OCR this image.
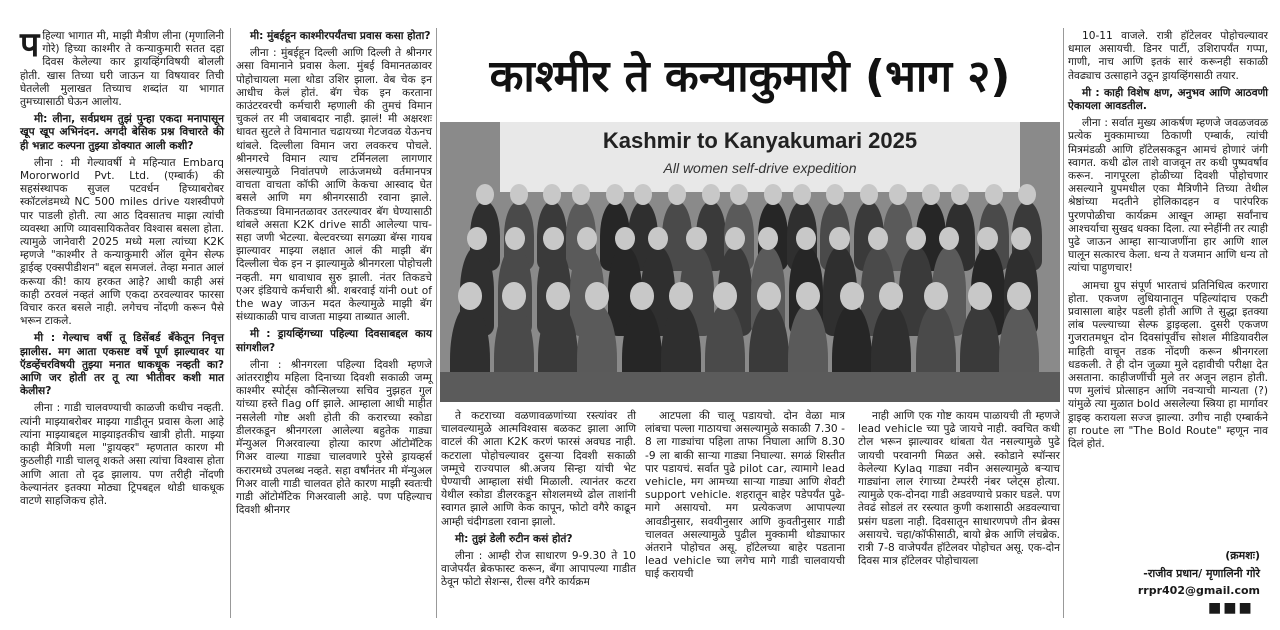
काश्मीर ते कन्याकुमारी (भाग २)
Kashmir to Kanyakumari 2025
All women self-drive expedition
प हिल्या भागात मी, माझी मैत्रीण लीना (मृणालिनी गोरे) हिच्या काश्मीर ते कन्याकुमारी सतत दहा दिवस केलेल्या कार ड्रायव्हिंगविषयी बोलली होती. खास तिच्या घरी जाऊन या विषयावर तिची घेतलेली मुलाखत तिच्याच शब्दांत या भागात तुमच्यासाठी घेऊन आलोय.

मी: लीना, सर्वप्रथम तुझं पुन्हा एकदा मनापासून खूप खूप अभिनंदन. अगदी बेसिक प्रश्न विचारते की ही भन्नाट कल्पना तुझ्या डोक्यात आली कशी?

लीना : मी गेल्यावर्षी मे महिन्यात Embarq Mororworld Pvt. Ltd. (एम्बार्क) की सहसंस्थापक सुजल पटवर्धन हिच्याबरोबर स्कॉटलंडमध्ये NC 500 miles drive यशस्वीपणे पार पाडली होती. त्या आठ दिवसातच माझा त्यांची व्यवस्था आणि व्यावसायिकतेवर विश्वास बसला होता. त्यामुळे जानेवारी 2025 मध्ये मला त्यांच्या K2K म्हणजे "काश्मीर ते कन्याकुमारी ऑल वूमेन सेल्फ ड्राईव्ह एक्सपीडीशन" बद्दल समजलं. तेव्हा मनात आलं करूया की! काय हरकत आहे? आधी काही असं काही ठरवलं नव्हतं आणि एकदा ठरवल्यावर फारसा विचार करत बसले नाही. लगेचच नोंदणी करून पैसे भरून टाकले.

मी : गेल्याच वर्षी तू डिसेंबर्ड बँकेतून निवृत्त झालीस. मग आता एकसष्ट वर्षे पूर्ण झाल्यावर या ऍडव्हेंचरविषयी तुझ्या मनात धाकधूक नव्हती का? आणि जर होती तर तू त्या भीतीवर कशी मात केलीस?

लीना : गाडी चालवण्याची काळजी कधीच नव्हती. त्यांनी माझ्याबरोबर माझ्या गाडीतून प्रवास केला आहे त्यांना माझ्याबद्दल माझ्याइतकीच खात्री होती. माझ्या काही मैत्रिणी मला "ड्रायव्हर" म्हणतात कारण मी कुठलीही गाडी चालवू शकते असा त्यांचा विश्वास होता आणि आता तो दृढ झालाय. पण तरीही नोंदणी केल्यानंतर इतक्या मोठ्या ट्रिपबद्दल थोडी धाकधूक वाटणे साहजिकच होते.

मी: मुंबईहून काश्मीरपर्यंतचा प्रवास कसा होता?

लीना : मुंबईहून दिल्ली आणि दिल्ली ते श्रीनगर असा विमानाने प्रवास केला. मुंबई विमानतळावर पोहोचायला मला थोडा उशिर झाला. वेब चेक इन आधीच केलं होतं. बॅग चेक इन करताना काउंटरवरची कर्मचारी म्हणाली की तुमचं विमान चुकलं तर मी जबाबदार नाही. झालं! मी अक्षरशः धावत सुटले ते विमानात चढायच्या गेटजवळ येऊनच थांबले. दिल्लीला विमान जरा लवकरच पोचले. श्रीनगरचे विमान त्याच टर्मिनलला लागणार असल्यामुळे निवांतपणे लाऊंजमध्ये वर्तमानपत्र वाचता वाचता कॉफी आणि केकचा आस्वाद घेत बसले आणि मग श्रीनगरसाठी रवाना झाले. तिकडच्या विमानतळावर उतरल्यावर बॅग घेण्यासाठी थांबले असता K2K drive साठी आलेल्या पाच-सहा जणी भेटल्या. बेल्टवरच्या सगळ्या बॅग्स गायब झाल्यावर माझ्या लक्षात आलं की माझी बॅग दिल्लीला चेक इन न झाल्यामुळे श्रीनगरला पोहोचली नव्हती. मग धावाधाव सुरु झाली. नंतर तिकडचे एअर इंडियाचे कर्मचारी श्री. शबरवाई यांनी out of the way जाऊन मदत केल्यामुळे माझी बॅग संध्याकाळी पाच वाजता माझ्या ताब्यात आली.

मी : ड्रायव्हिंगच्या पहिल्या दिवसाबद्दल काय सांगशील?

लीना : श्रीनगरला पहिल्या दिवशी म्हणजे आंतरराष्ट्रीय महिला दिनाच्या दिवशी सकाळी जम्मू काश्मीर स्पोर्ट्स कौन्सिलच्या सचिव नुझहत गुल यांच्या हस्ते flag off झाले. आम्हाला आधी माहीत नसलेली गोष्ट अशी होती की करारच्या स्कोडा डीलरकडून श्रीनगरला आलेल्या बहुतेक गाड्या मॅन्युअल गिअरवाल्या होत्या कारण ऑटोमॅटिक गिअर वाल्या गाड्या चालवणारे पुरेसे ड्रायव्हर्स करारमध्ये उपलब्ध नव्हते. सहा वर्षांनंतर मी मॅन्युअल गिअर वाली गाडी चालवत होते कारण माझी स्वतःची गाडी ऑटोमॅटिक गिअरवाली आहे. पण पहिल्याच दिवशी श्रीनगर

ते कटराच्या वळणावळणांच्या रस्त्यांवर ती चालवल्यामुळे आत्मविश्वास बळकट झाला आणि वाटलं की आता K2K करणं फारसं अवघड नाही. कटराला पोहोचल्यावर दुसऱ्या दिवशी सकाळी जम्मूचे राज्यपाल श्री.अजय सिन्हा यांची भेट घेण्याची आम्हाला संधी मिळाली. त्यानंतर कटरा येथील स्कोडा डीलरकडून सोशलमध्ये ढोल ताशांनी स्वागत झाले आणि केक कापून, फोटो वगैरे काढून आम्ही चंदीगडला रवाना झालो.

मी: तुझं डेली रुटीन कसं होतं?

लीना : आम्ही रोज साधारण 9-9.30 ते 10 वाजेपर्यंत ब्रेकफास्ट करून, बँगा आपापल्या गाडीत ठेवून फोटो सेशन्स, रील्स वगैरे कार्यक्रम

आटपला की चालू पडायचो. दोन वेळा मात्र लांबचा पल्ला गाठायचा असल्यामुळे सकाळी 7.30 - 8 ला गाड्यांचा पहिला ताफा निघाला आणि 8.30 -9 ला बाकी साऱ्या गाड्या निघाल्या. सगळं शिस्तीत पार पडायचं. सर्वात पुढे pilot car, त्यामागे lead vehicle, मग आमच्या साऱ्या गाड्या आणि शेवटी support vehicle. शहरातून बाहेर पडेपर्यंत पुढे-मागे असायचो. मग प्रत्येकजण आपापल्या आवडीनुसार, सवयीनुसार आणि कुवतीनुसार गाडी चालवत असल्यामुळे पुढील मुक्कामी थोड्याफार अंतराने पोहोचत असू. हॉटेलच्या बाहेर पडताना lead vehicle च्या लगेच मागे गाडी चालवायची घाई करायची

नाही आणि एक गोष्ट कायम पाळायची ती म्हणजे lead vehicle च्या पुढे जायचे नाही. क्वचित कधी टोल भरून झाल्यावर थांबता येत नसल्यामुळे पुढे जायची परवानगी मिळत असे. स्कोडाने स्पॉन्सर केलेल्या Kylaq गाड्या नवीन असल्यामुळे बऱ्याच गाड्यांना लाल रंगाच्या टेम्परंरी नंबर प्लेट्स होत्या. त्यामुळे एक-दोनदा गाडी अडवण्याचे प्रकार घडले. पण तेवढं सोडलं तर रस्त्यात कुणी कशासाठी अडवल्याचा प्रसंग घडला नाही. दिवसातून साधारणपणे तीन ब्रेक्स असायचे. चहा/कॉफीसाठी, बायो ब्रेक आणि लंचब्रेक. रात्री 7-8 वाजेपर्यंत हॉटेलवर पोहोचत असू. एक-दोन दिवस मात्र हॉटेलवर पोहोचायला

10-11 वाजले. रात्री हॉटेलवर पोहोचल्यावर धमाल असायची. डिनर पार्टी, उशिरापर्यंत गप्पा, गाणी, नाच आणि इतकं सारं करूनही सकाळी तेवढ्याच उत्साहाने उठून ड्रायव्हिंगसाठी तयार.

मी : काही विशेष क्षण, अनुभव आणि आठवणी ऐकायला आवडतील.

लीना : सर्वात मुख्य आकर्षण म्हणजे जवळजवळ प्रत्येक मुक्कामाच्या ठिकाणी एम्बार्क, त्यांची मित्रमंडळी आणि हॉटेलसकडून आमचं होणारं जंगी स्वागत. कधी ढोल ताशे वाजवून तर कधी पुष्पवर्षाव करून. नागपूरला होळीच्या दिवशी पोहोचणार असल्याने ग्रुपमधील एका मैत्रिणीने तिच्या तेथील श्रेष्ठांच्या मदतीने होलिकादहन व पारंपरिक पुरणपोळीचा कार्यक्रम आखून आम्हा सर्वांनाच आश्चर्याचा सुखद धक्का दिला. त्या स्नेहींनी तर त्याही पुढे जाऊन आम्हा साऱ्याजणींना हार आणि शाल घालून सत्कारच केला. धन्य ते यजमान आणि धन्य तो त्यांचा पाहुणचार!

आमचा ग्रुप संपूर्ण भारताचं प्रतिनिधित्व करणारा होता. एकजण लुधियानातून पहिल्यांदाच एकटी प्रवासाला बाहेर पडली होती आणि ते सुद्धा इतक्या लांब पल्ल्याच्या सेल्फ ड्राइव्हला. दुसरी एकजण गुजरातमधून दोन दिवसांपूर्वीच सोशल मीडियावरील माहिती वाचून तडक नोंदणी करून श्रीनगरला धडकली. ते ही दोन जुळ्या मुले दहावीची परीक्षा देत असताना. काहीजणींची मुले तर अजून लहान होती. पण मुलांचं प्रोत्साहन आणि नवऱ्याची मान्यता (?) यांमुळे त्या मुळात bold असलेल्या स्त्रिया हा मार्गावर ड्राइव्ह करायला सज्ज झाल्या. उगीच नाही एम्बार्कने हा route ला "The Bold Route" म्हणून नाव दिलं होतं.

(क्रमशः)
-राजीव प्रधान/ मृणालिनी गोरे
rrpr402@gmail.com
■■■
